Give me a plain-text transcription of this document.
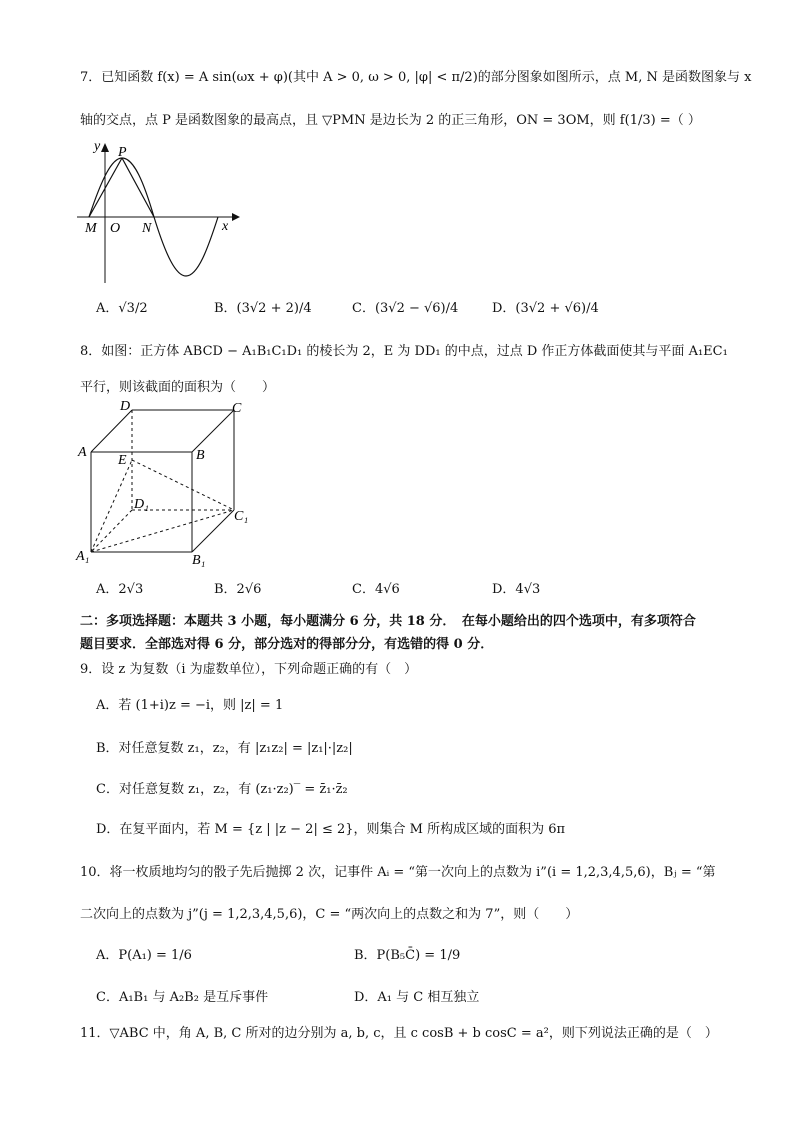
7．已知函数 f(x) = A sin(ωx + φ)(其中 A > 0, ω > 0, |φ| < π/2)的部分图象如图所示，点 M, N 是函数图象与 x
轴的交点，点 P 是函数图象的最高点，且 ▽PMN 是边长为 2 的正三角形，ON = 3OM，则 f(1/3) =（ ）
y P
M O N	x
A．√3/2	B．(3√2 + 2)/4	C．(3√2 − √6)/4	D．(3√2 + √6)/4
8．如图：正方体 ABCD − A₁B₁C₁D₁ 的棱长为 2，E 为 DD₁ 的中点，过点 D 作正方体截面使其与平面 A₁EC₁
平行，则该截面的面积为（　　）
D	C
A	B
E
D₁
C₁
A₁	B₁
A．2√3	B．2√6	C．4√6	D．4√3
二：多项选择题：本题共 3 小题，每小题满分 6 分，共 18 分．　在每小题给出的四个选项中，有多项符合
题目要求．全部选对得 6 分，部分选对的得部分分，有选错的得 0 分．
9．设 z 为复数（i 为虚数单位），下列命题正确的有（　）
A．若 (1+i)z = −i，则 |z| = 1
B．对任意复数 z₁，z₂，有 |z₁z₂| = |z₁|·|z₂|
C．对任意复数 z₁，z₂，有 (z₁·z₂)‾ = z̄₁·z̄₂
D．在复平面内，若 M = {z | |z − 2| ≤ 2}，则集合 M 所构成区域的面积为 6π
10．将一枚质地均匀的骰子先后抛掷 2 次，记事件 Aᵢ = “第一次向上的点数为 i”(i = 1,2,3,4,5,6)，Bⱼ = “第
二次向上的点数为 j”(j = 1,2,3,4,5,6)，C = “两次向上的点数之和为 7”，则（　　）
A．P(A₁) = 1/6	B．P(B₅C̄) = 1/9
C．A₁B₁ 与 A₂B₂ 是互斥事件	D．A₁ 与 C 相互独立
11．▽ABC 中，角 A, B, C 所对的边分别为 a, b, c，且 c cosB + b cosC = a²，则下列说法正确的是（　）
